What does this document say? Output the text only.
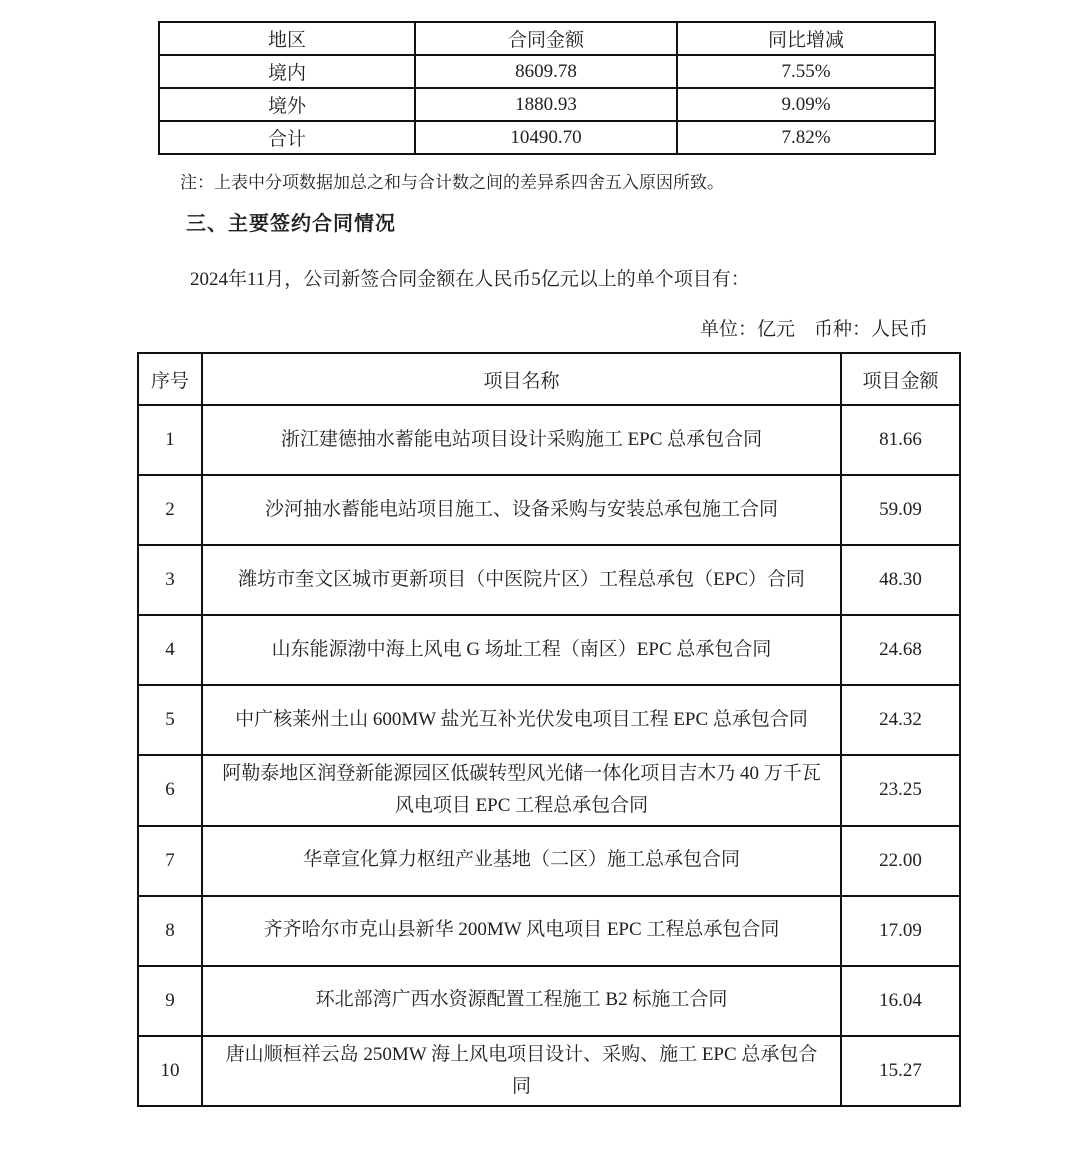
地区	合同金额	同比增减
境内	8609.78	7.55%
境外	1880.93	9.09%
合计	10490.70	7.82%
注：上表中分项数据加总之和与合计数之间的差异系四舍五入原因所致。
三、主要签约合同情况
2024年11月，公司新签合同金额在人民币5亿元以上的单个项目有：
单位：亿元　币种：人民币
序号	项目名称	项目金额
1	浙江建德抽水蓄能电站项目设计采购施工 EPC 总承包合同	81.66
2	沙河抽水蓄能电站项目施工、设备采购与安装总承包施工合同	59.09
3	潍坊市奎文区城市更新项目（中医院片区）工程总承包（EPC）合同	48.30
4	山东能源渤中海上风电 G 场址工程（南区）EPC 总承包合同	24.68
5	中广核莱州土山 600MW 盐光互补光伏发电项目工程 EPC 总承包合同	24.32
6	阿勒泰地区润登新能源园区低碳转型风光储一体化项目吉木乃 40 万千瓦风电项目 EPC 工程总承包合同	23.25
7	华章宣化算力枢纽产业基地（二区）施工总承包合同	22.00
8	齐齐哈尔市克山县新华 200MW 风电项目 EPC 工程总承包合同	17.09
9	环北部湾广西水资源配置工程施工 B2 标施工合同	16.04
10	唐山顺桓祥云岛 250MW 海上风电项目设计、采购、施工 EPC 总承包合同	15.27
